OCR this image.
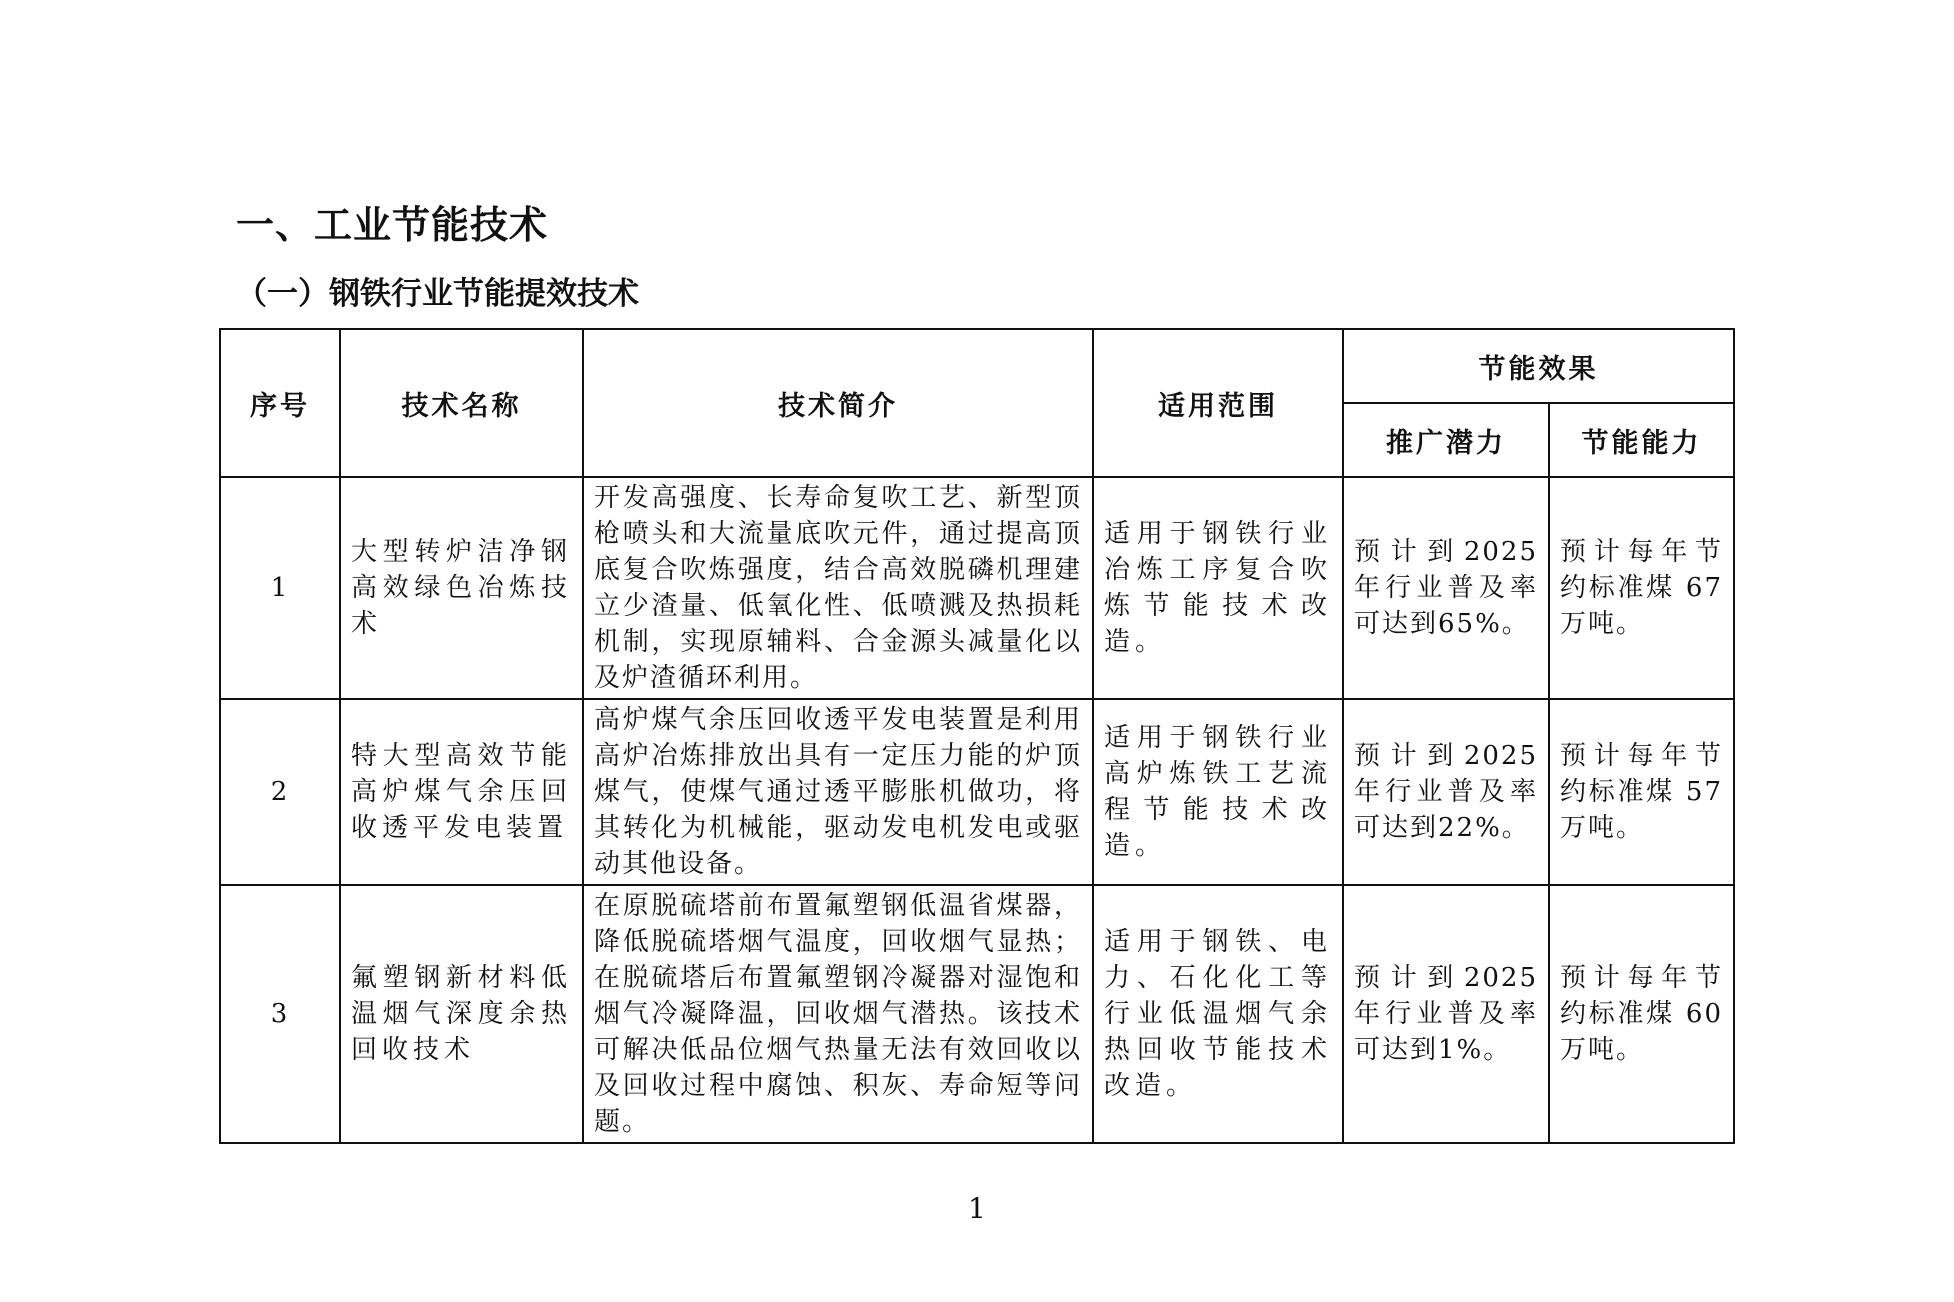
一、工业节能技术
（一）钢铁行业节能提效技术
序号	技术名称	技术简介	适用范围	节能效果	
				推广潜力	节能能力
1	大型转炉洁净钢高效绿色冶炼技术	开发高强度、长寿命复吹工艺、新型顶枪喷头和大流量底吹元件，通过提高顶底复合吹炼强度，结合高效脱磷机理建立少渣量、低氧化性、低喷溅及热损耗机制，实现原辅料、合金源头减量化以及炉渣循环利用。	适用于钢铁行业冶炼工序复合吹炼节能技术改造。	预计到2025年行业普及率可达到65%。	预计每年节约标准煤 67 万吨。
2	特大型高效节能高炉煤气余压回收透平发电装置	高炉煤气余压回收透平发电装置是利用高炉冶炼排放出具有一定压力能的炉顶煤气，使煤气通过透平膨胀机做功，将其转化为机械能，驱动发电机发电或驱动其他设备。	适用于钢铁行业高炉炼铁工艺流程节能技术改造。	预计到2025年行业普及率可达到22%。	预计每年节约标准煤 57 万吨。
3	氟塑钢新材料低温烟气深度余热回收技术	在原脱硫塔前布置氟塑钢低温省煤器，降低脱硫塔烟气温度，回收烟气显热；在脱硫塔后布置氟塑钢冷凝器对湿饱和烟气冷凝降温，回收烟气潜热。该技术可解决低品位烟气热量无法有效回收以及回收过程中腐蚀、积灰、寿命短等问题。	适用于钢铁、电力、石化化工等行业低温烟气余热回收节能技术改造。	预计到2025年行业普及率可达到1%。	预计每年节约标准煤 60 万吨。
1
